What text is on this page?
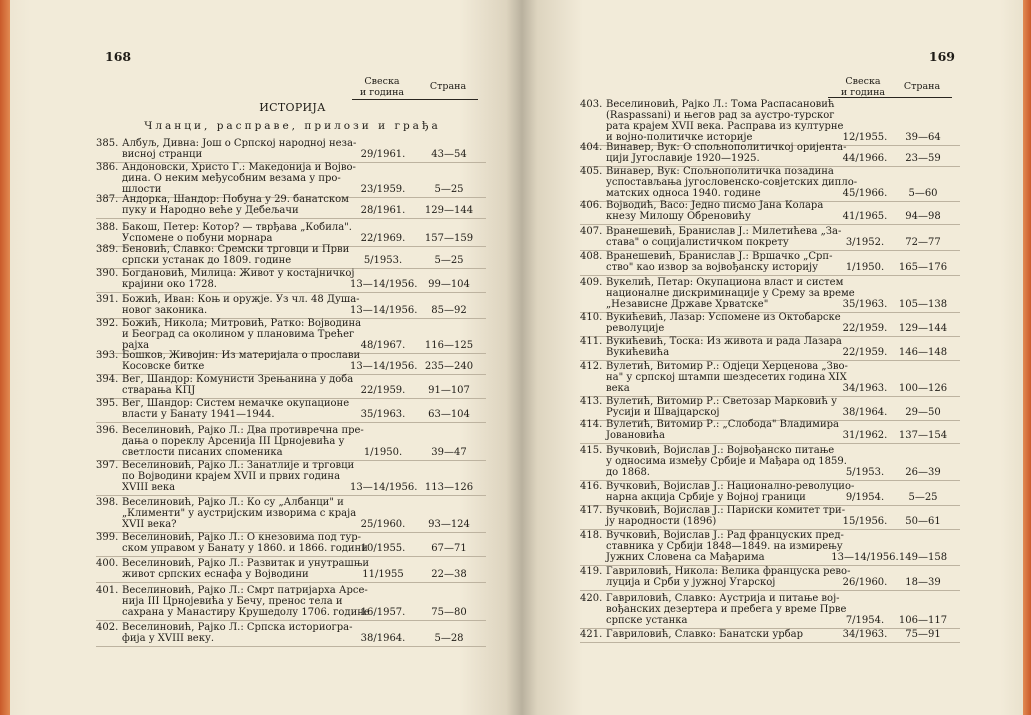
168
Свеска
и година
Страна
ИСТОРИЈА
Чланци, расправе, прилози и грађа
385. Албуљ, Дивна: Још о Српској народној неза-
висној странци	29/1961.	43—54
386. Андоновски, Христо Г.: Македонија и Војво-
дина. О неким међусобним везама у про-
шлости	23/1959.	5—25
387. Андорка, Шандор: Побуна у 29. банатском
пуку и Народно веће у Дебељачи	28/1961.	129—144
388. Бакош, Петер: Котор? — тврђава „Кобила".
Успомене о побуни морнара	22/1969.	157—159
389. Беновић, Славко: Сремски трговци и Први
српски устанак до 1809. године	5/1953.	5—25
390. Богдановић, Милица: Живот у костајничкој
крајини око 1728.	13—14/1956.	99—104
391. Божић, Иван: Коњ и оружје. Уз чл. 48 Душа-
новог законика.	13—14/1956.	85—92
392. Божић, Никола; Митровић, Ратко: Војводина
и Београд са околином у плановима Трећег
рајха	48/1967.	116—125
393. Бошков, Живојин: Из материјала о прослави
Косовске битке	13—14/1956. 235—240
394. Вег, Шандор: Комунисти Зрењанина у доба
стварања КПЈ	22/1959.	91—107
395. Вег, Шандор: Систем немачке окупационе
власти у Банату 1941—1944.	35/1963.	63—104
396. Веселиновић, Рајко Л.: Два противречна пре-
дања о пореклу Арсенија III Црнојевића у
светлости писаних споменика	1/1950.	39—47
397. Веселиновић, Рајко Л.: Занатлије и трговци
по Војводини крајем XVII и првих година
XVIII века	13—14/1956. 113—126
398. Веселиновић, Рајко Л.: Ко су „Албанци" и
„Клименти" у аустријским изворима с краја
XVII века?	25/1960.	93—124
399. Веселиновић, Рајко Л.: О кнезовима под тур-
ском управом у Банату у 1860. и 1866. години
10/1955.	67—71
400. Веселиновић, Рајко Л.: Развитак и унутрашњи
живот српских еснафа у Војводини	11/1955	22—38
401. Веселиновић, Рајко Л.: Смрт патријарха Арсе-
нија III Црнојевића у Бечу, пренос тела и
сахрана у Манастиру Крушедолу 1706. године
16/1957.	75—80
402. Веселиновић, Рајко Л.: Српска историогра-
фија у XVIII веку.	38/1964.	5—28
169
Свеска
и година
Страна
403. Веселиновић, Рајко Л.: Тома Распасановић
(Raspassani) и његов рад за аустро-турског
рата крајем XVII века. Расправа из културне
и војно-политичке историје	12/1955.	39—64
404. Винавер, Вук: О спољнополитичкој оријента-
цији Југославије 1920—1925.	44/1966.	23—59
405. Винавер, Вук: Спољнополитичка позадина
успостављања југословенско-совјетских дипло-
матских односа 1940. године	45/1966.	5—60
406. Војводић, Васо: Једно писмо Јана Колара
кнезу Милошу Обреновићу	41/1965.	94—98
407. Вранешевић, Бранислав Ј.: Милетићева „За-
става" о социјалистичком покрету	3/1952.	72—77
408. Вранешевић, Бранислав Ј.: Вршачко „Срп-
ство" као извор за војвођанску историју	1/1950.	165—176
409. Вукелић, Петар: Окупациона власт и систем
националне дискриминације у Срему за време
„Независне Државе Хрватске"	35/1963.	105—138
410. Вукићевић, Лазар: Успомене из Октобарске
револуције	22/1959.	129—144
411. Вукићевић, Тоска: Из живота и рада Лазара
Вукићевића	22/1959.	146—148
412. Вулетић, Витомир Р.: Одјеци Херценова „Зво-
на" у српској штампи шездесетих година XIX
века	34/1963.	100—126
413. Вулетић, Витомир Р.: Светозар Марковић у
Русији и Швајцарској	38/1964.	29—50
414. Вулетић, Витомир Р.: „Слобода" Владимира
Јовановића	31/1962.	137—154
415. Вучковић, Војислав Ј.: Војвођанско питање
у односима између Србије и Мађара од 1859.
до 1868.	5/1953.	26—39
416. Вучковић, Војислав Ј.: Национално-револуцио-
нарна акција Србије у Војној граници	9/1954.	5—25
417. Вучковић, Војислав Ј.: Париски комитет три-
ју народности (1896)	15/1956.	50—61
418. Вучковић, Војислав Ј.: Рад француских пред-
ставника у Србији 1848—1849. на измирењу
Јужних Словена са Мађарима	13—14/1956. 149—158
419. Гавриловић, Никола: Велика француска рево-
луција и Срби у јужној Угарској	26/1960.	18—39
420. Гавриловић, Славко: Аустрија и питање вој-
вођанских дезертера и пребега у време Прве
српске устанка	7/1954.	106—117
421. Гавриловић, Славко: Банатски урбар	34/1963.	75—91
